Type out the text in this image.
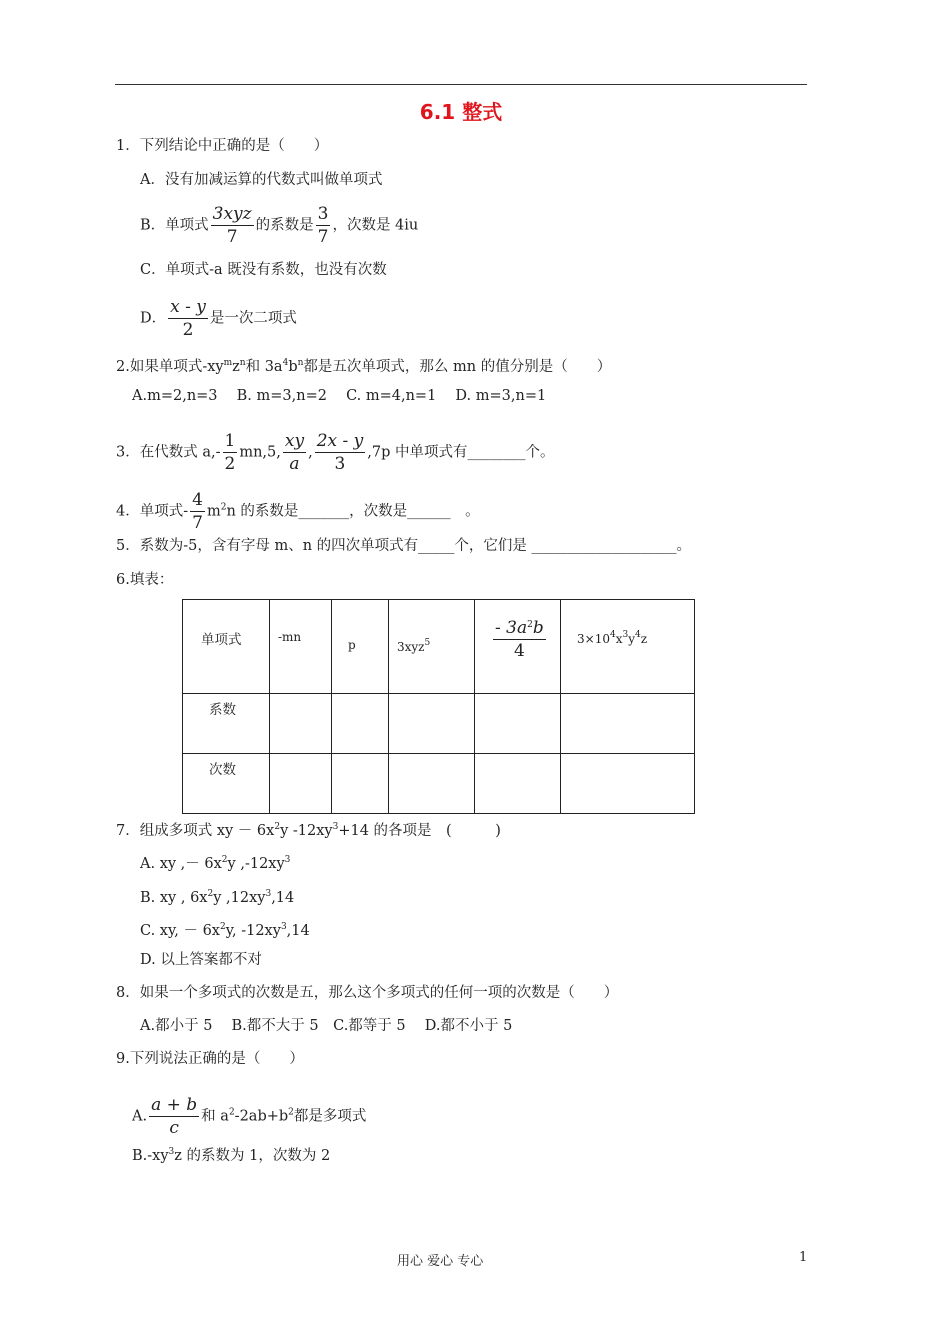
6.1 整式
1．下列结论中正确的是（　　）
A．没有加减运算的代数式叫做单项式
B．单项式 $\frac{\text{3xyz}}{7}$ 的系数是 $\frac{3}{7}$ ，次数是 4iu
C．单项式-a 既没有系数，也没有次数
D． $\frac{x - y}{2}$ 是一次二项式
2.如果单项式$-xy^mz^n$和 $3a^4b^n$都是五次单项式，那么 mn 的值分别是（　　）
A.m=2,n=3　 B. m=3,n=2　 C. m=4,n=1　 D. m=3,n=1
3．在代数式 $a,- \frac{1}{2} mn,5$, $\frac{xy}{a}$ , $\frac{2x - y}{3} ,7p$ 中单项式有________个。
4．单项式- $\frac{4}{7} m^2n$ 的系数是_______，次数是______　。
5．系数为-5，含有字母 m、n 的四次单项式有_____个，它们是 ____________________。
6.填表：
单项式	-mn	p	3xyz$^5$	$\frac{- 3a^2b}{4}$	$3\times 10^4x^3y^4z$

系数					

次数					

7．组成多项式 xy － $6x^2y$ $-12xy^3+14$ 的各项是　(　　　)
A. xy ,－ $6x^2y$ $,-12xy^3$
B. xy , $6x^2y$ $,12xy^3,14$
C. xy, － $6x^2y$, $-12xy^3,14$
D. 以上答案都不对
8．如果一个多项式的次数是五，那么这个多项式的任何一项的次数是（　　）
A.都小于 5　 B.都不大于 5　C.都等于 5　 D.都不小于 5
9.下列说法正确的是（　　）
A. $\frac{a + b}{c}$ 和 $a^2-2ab+b^2$都是多项式
$B.-xy^3z$ 的系数为 1，次数为 2
用心 爱心 专心	1
